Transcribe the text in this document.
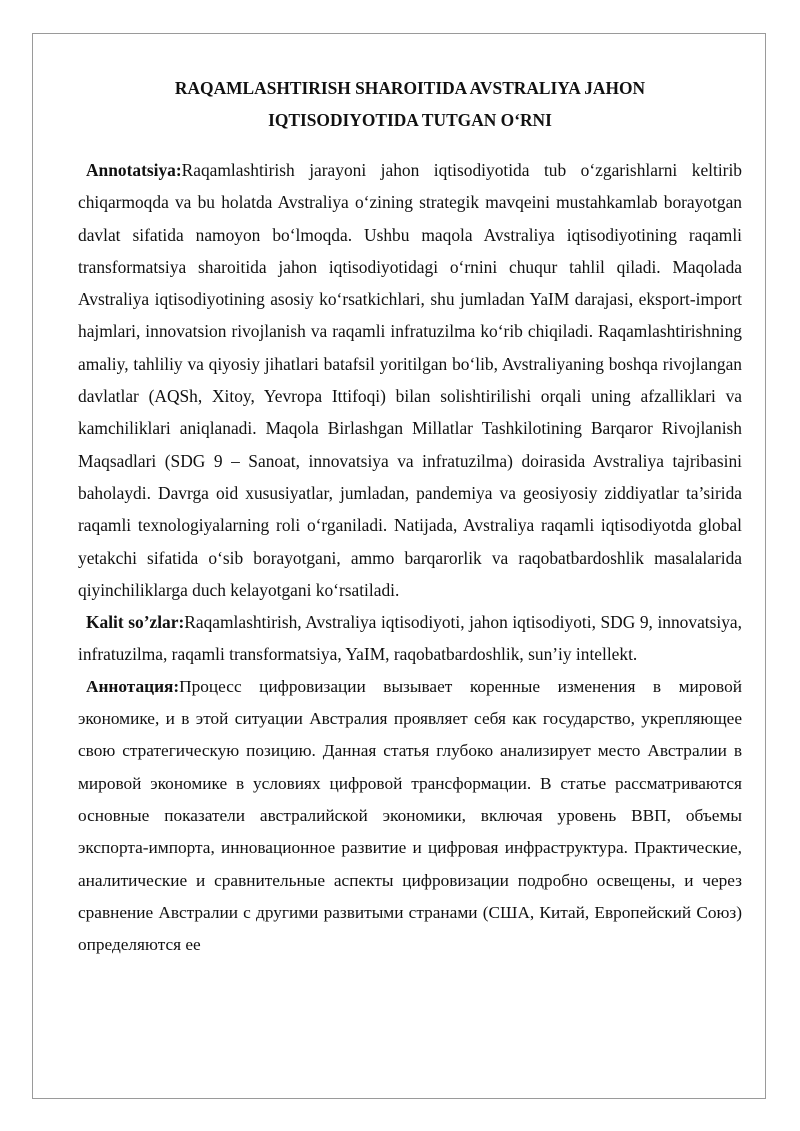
RAQAMLASHTIRISH SHAROITIDA AVSTRALIYA JAHON
IQTISODIYOTIDA TUTGAN O‘RNI

Annotatsiya:Raqamlashtirish jarayoni jahon iqtisodiyotida tub o‘zgarishlarni keltirib chiqarmoqda va bu holatda Avstraliya o‘zining strategik mavqeini mustahkamlab borayotgan davlat sifatida namoyon bo‘lmoqda. Ushbu maqola Avstraliya iqtisodiyotining raqamli transformatsiya sharoitida jahon iqtisodiyotidagi o‘rnini chuqur tahlil qiladi. Maqolada Avstraliya iqtisodiyotining asosiy ko‘rsatkichlari, shu jumladan YaIM darajasi, eksport-import hajmlari, innovatsion rivojlanish va raqamli infratuzilma ko‘rib chiqiladi. Raqamlashtirishning amaliy, tahliliy va qiyosiy jihatlari batafsil yoritilgan bo‘lib, Avstraliyaning boshqa rivojlangan davlatlar (AQSh, Xitoy, Yevropa Ittifoqi) bilan solishtirilishi orqali uning afzalliklari va kamchiliklari aniqlanadi. Maqola Birlashgan Millatlar Tashkilotining Barqaror Rivojlanish Maqsadlari (SDG 9 – Sanoat, innovatsiya va infratuzilma) doirasida Avstraliya tajribasini baholaydi. Davrga oid xususiyatlar, jumladan, pandemiya va geosiyosiy ziddiyatlar ta’sirida raqamli texnologiyalarning roli o‘rganiladi. Natijada, Avstraliya raqamli iqtisodiyotda global yetakchi sifatida o‘sib borayotgani, ammo barqarorlik va raqobatbardoshlik masalalarida qiyinchiliklarga duch kelayotgani ko‘rsatiladi.

Kalit so’zlar:Raqamlashtirish, Avstraliya iqtisodiyoti, jahon iqtisodiyoti, SDG 9, innovatsiya, infratuzilma, raqamli transformatsiya, YaIM, raqobatbardoshlik, sun’iy intellekt.

Аннотация:Процесс цифровизации вызывает коренные изменения в мировой экономике, и в этой ситуации Австралия проявляет себя как государство, укрепляющее свою стратегическую позицию. Данная статья глубоко анализирует место Австралии в мировой экономике в условиях цифровой трансформации. В статье рассматриваются основные показатели австралийской экономики, включая уровень ВВП, объемы экспорта-импорта, инновационное развитие и цифровая инфраструктура. Практические, аналитические и сравнительные аспекты цифровизации подробно освещены, и через сравнение Австралии с другими развитыми странами (США, Китай, Европейский Союз) определяются ее
